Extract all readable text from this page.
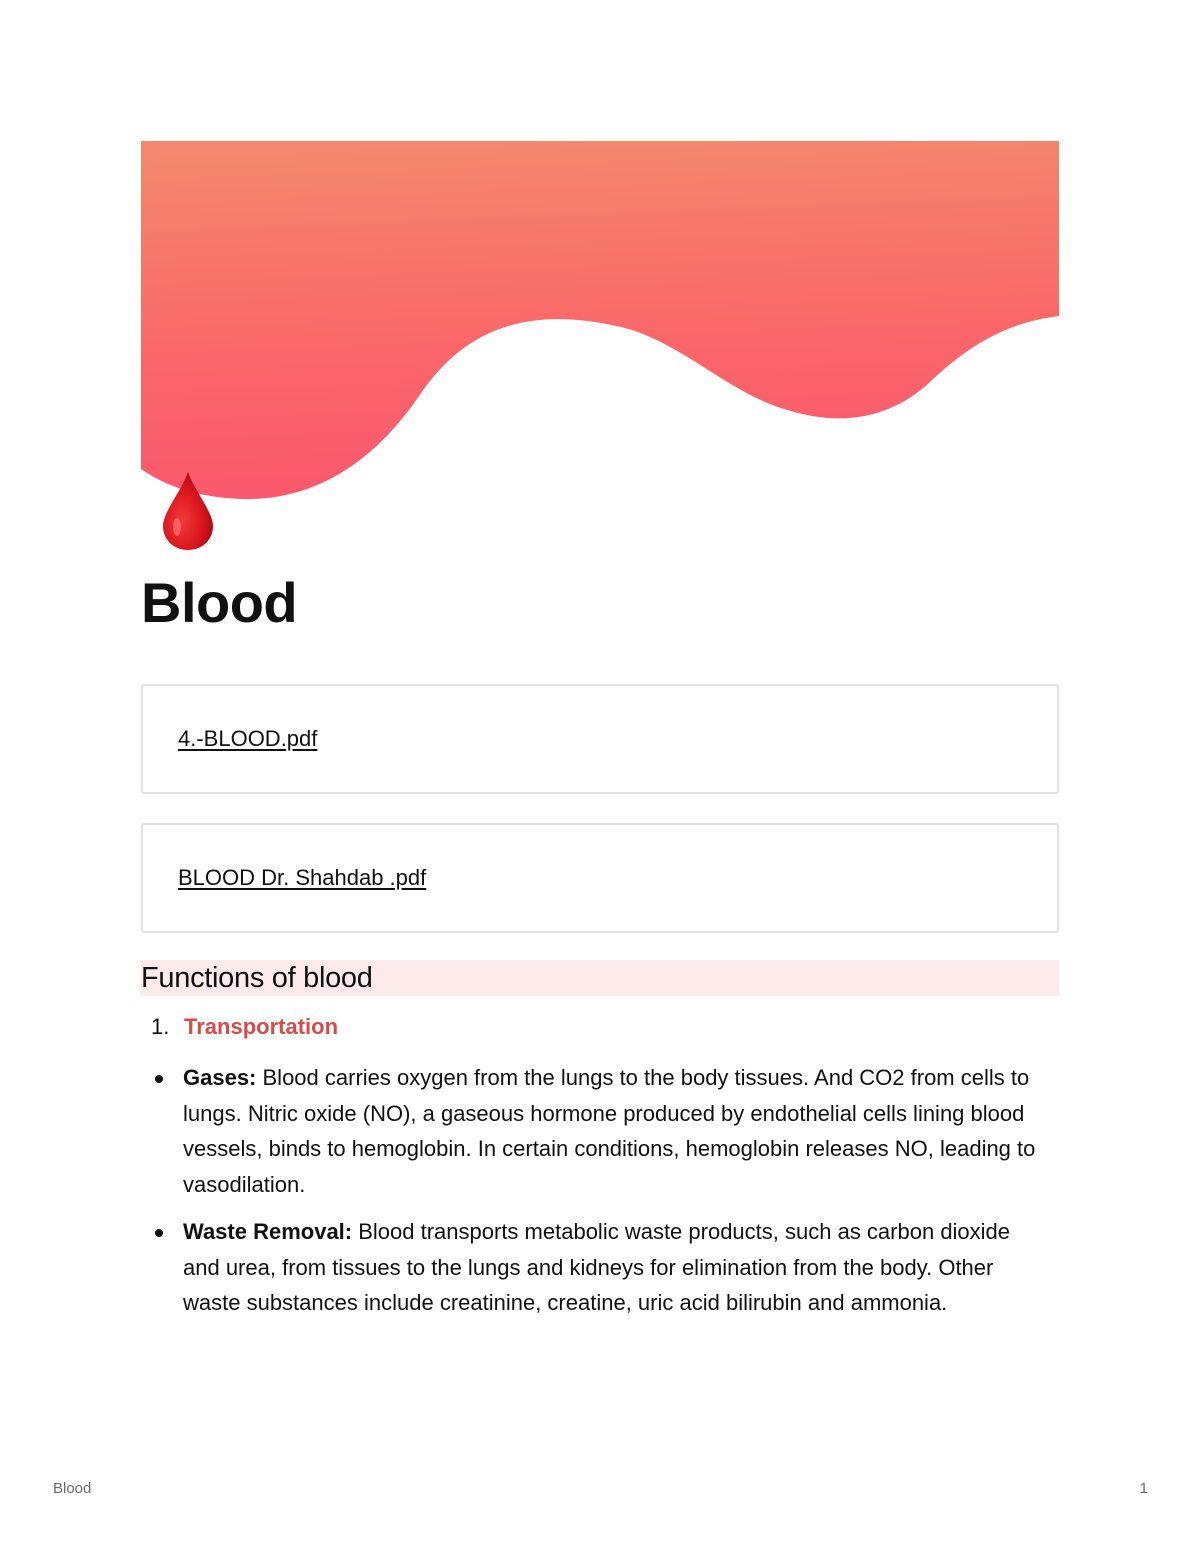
Blood
4.-BLOOD.pdf
BLOOD Dr. Shahdab .pdf
Functions of blood
1. Transportation
Gases: Blood carries oxygen from the lungs to the body tissues. And CO2 from cells to lungs. Nitric oxide (NO), a gaseous hormone produced by endothelial cells lining blood vessels, binds to hemoglobin. In certain conditions, hemoglobin releases NO, leading to vasodilation.
Waste Removal: Blood transports metabolic waste products, such as carbon dioxide and urea, from tissues to the lungs and kidneys for elimination from the body. Other waste substances include creatinine, creatine, uric acid bilirubin and ammonia.
Blood	1
